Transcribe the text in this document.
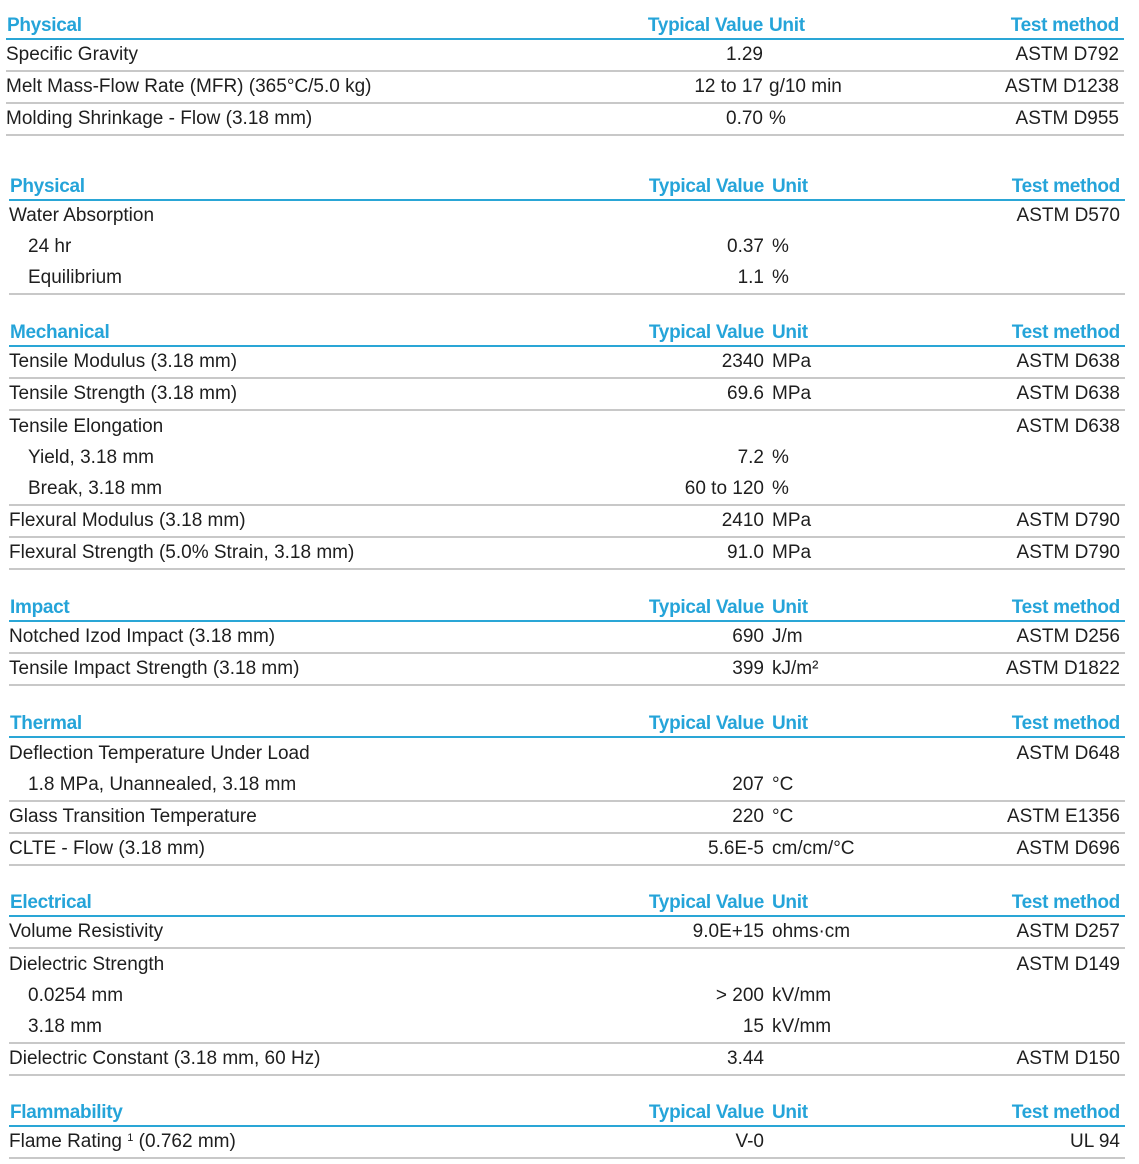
Physical	Typical Value Unit	Test method
Specific Gravity	1.29	ASTM D792
Melt Mass-Flow Rate (MFR) (365°C/5.0 kg)	12 to 17 g/10 min	ASTM D1238
Molding Shrinkage - Flow (3.18 mm)	0.70 %	ASTM D955
Physical	Typical Value Unit	Test method
Water Absorption	ASTM D570
24 hr	0.37 %
Equilibrium	1.1 %
Mechanical	Typical Value Unit	Test method
Tensile Modulus (3.18 mm)	2340 MPa	ASTM D638
Tensile Strength (3.18 mm)	69.6 MPa	ASTM D638
Tensile Elongation	ASTM D638
Yield, 3.18 mm	7.2 %
Break, 3.18 mm	60 to 120 %
Flexural Modulus (3.18 mm)	2410 MPa	ASTM D790
Flexural Strength (5.0% Strain, 3.18 mm)	91.0 MPa	ASTM D790
Impact	Typical Value Unit	Test method
Notched Izod Impact (3.18 mm)	690 J/m	ASTM D256
Tensile Impact Strength (3.18 mm)	399 kJ/m²	ASTM D1822
Thermal	Typical Value Unit	Test method
Deflection Temperature Under Load	ASTM D648
1.8 MPa, Unannealed, 3.18 mm	207 °C
Glass Transition Temperature	220 °C	ASTM E1356
CLTE - Flow (3.18 mm)	5.6E-5 cm/cm/°C	ASTM D696
Electrical	Typical Value Unit	Test method
Volume Resistivity	9.0E+15 ohms·cm	ASTM D257
Dielectric Strength	ASTM D149
0.0254 mm	> 200 kV/mm
3.18 mm	15 kV/mm
Dielectric Constant (3.18 mm, 60 Hz)	3.44	ASTM D150
Flammability	Typical Value Unit	Test method
Flame Rating $^1$ (0.762 mm)	V-0	UL 94
